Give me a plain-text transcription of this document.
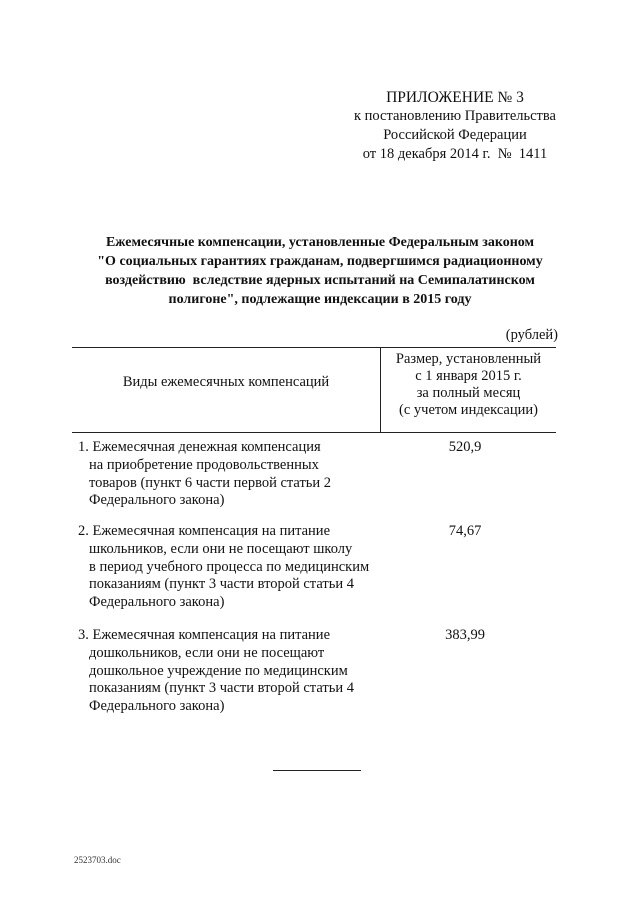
ПРИЛОЖЕНИЕ № 3
к постановлению Правительства
Российской Федерации
от 18 декабря 2014 г.  №  1411
Ежемесячные компенсации, установленные Федеральным законом
"О социальных гарантиях гражданам, подвергшимся радиационному
воздействию  вследствие ядерных испытаний на Семипалатинском
полигоне", подлежащие индексации в 2015 году
(рублей)
Виды ежемесячных компенсаций
Размер, установленный
с 1 января 2015 г.
за полный месяц
(с учетом индексации)
1. Ежемесячная денежная компенсация
на приобретение продовольственных
товаров (пункт 6 части первой статьи 2
Федерального закона)
520,9
2. Ежемесячная компенсация на питание
школьников, если они не посещают школу
в период учебного процесса по медицинским
показаниям (пункт 3 части второй статьи 4
Федерального закона)
74,67
3. Ежемесячная компенсация на питание
дошкольников, если они не посещают
дошкольное учреждение по медицинским
показаниям (пункт 3 части второй статьи 4
Федерального закона)
383,99
2523703.doc
